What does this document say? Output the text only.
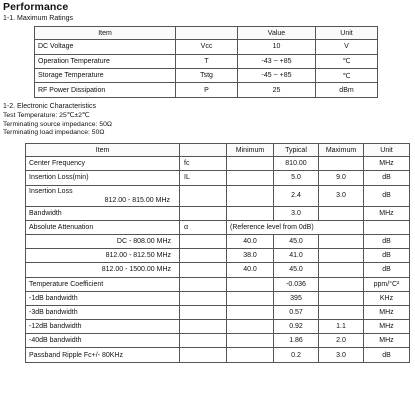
Performance
1-1. Maximum Ratings
Item		Value	Unit
DC Voltage	Vcc	10	V
Operation Temperature	T	-43 ~ +85	℃
Storage Temperature	Tstg	-45 ~ +85	℃
RF Power Dissipation	P	25	dBm
1-2. Electronic Characteristics
Test Temperature: 25℃±2℃
Terminating source impedance: 50Ω
Terminating load impedance: 50Ω
Item		Minimum	Typical	Maximum	Unit
Center Frequency	fc		810.00		MHz
Insertion Loss(min)	IL		5.0	9.0	dB

Insertion Loss
812.00 - 815.00 MHz			2.4	3.0	dB
Bandwidth			3.0		MHz
Absolute Attenuation	α	(Reference level from 0dB)			
DC - 808.00 MHz		40.0	45.0		dB
812.00 - 812.50 MHz		38.0	41.0		dB
812.00 - 1500.00 MHz		40.0	45.0		dB
Temperature Coefficient			-0.036		ppm/°C²
-1dB bandwidth			395		KHz
-3dB bandwidth			0.57		MHz
-12dB bandwidth			0.92	1.1	MHz
-40dB bandwidth			1.86	2.0	MHz
Passband Ripple Fc+/- 80KHz			0.2	3.0	dB
